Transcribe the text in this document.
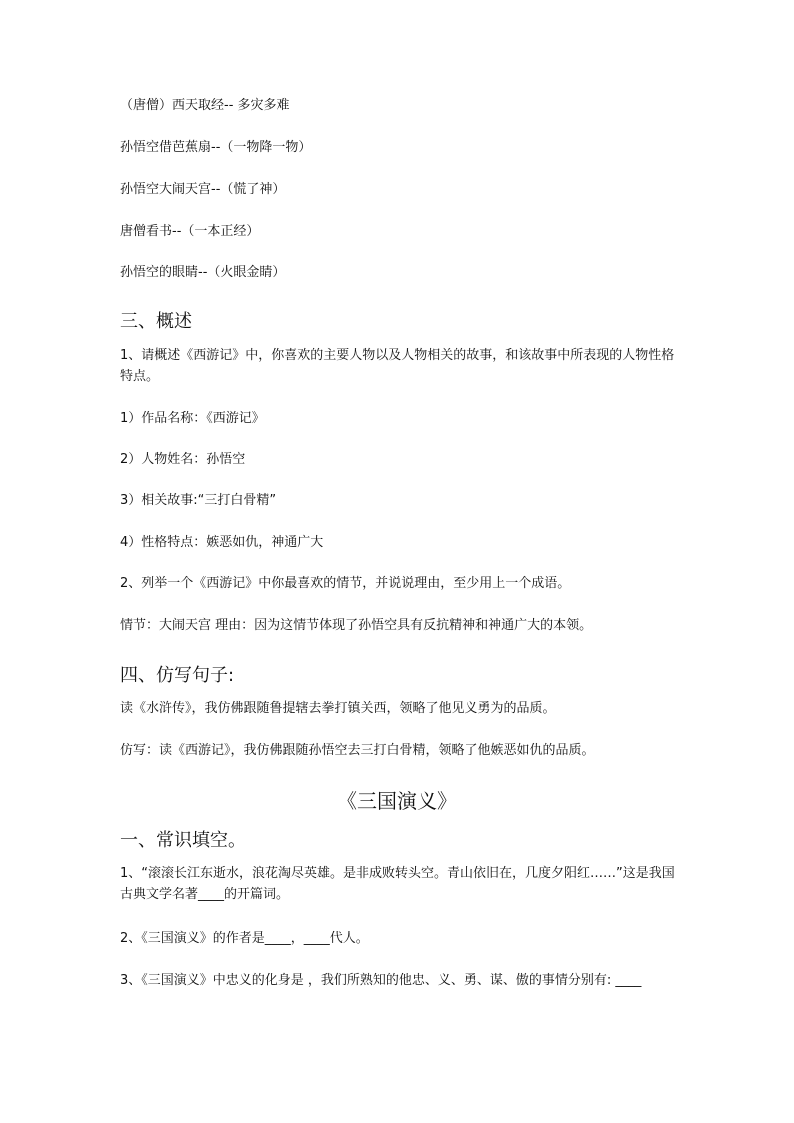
（唐僧）西天取经-- 多灾多难
孙悟空借芭蕉扇--（一物降一物）
孙悟空大闹天宫--（慌了神）
唐僧看书--（一本正经）
孙悟空的眼睛--（火眼金睛）
三、概述
1、请概述《西游记》中，你喜欢的主要人物以及人物相关的故事，和该故事中所表现的人物性格特点。
1）作品名称：《西游记》
2）人物姓名：孙悟空
3）相关故事:“三打白骨精”
4）性格特点：嫉恶如仇，神通广大
2、列举一个《西游记》中你最喜欢的情节，并说说理由，至少用上一个成语。
情节：大闹天宫 理由：因为这情节体现了孙悟空具有反抗精神和神通广大的本领。
四、仿写句子:
读《水浒传》，我仿佛跟随鲁提辖去拳打镇关西，领略了他见义勇为的品质。
仿写：读《西游记》，我仿佛跟随孙悟空去三打白骨精，领略了他嫉恶如仇的品质。
《三国演义》
一、常识填空。
1、“滚滚长江东逝水，浪花淘尽英雄。是非成败转头空。青山依旧在，几度夕阳红……”这是我国古典文学名著____的开篇词。
2、《三国演义》的作者是____，____代人。
3、《三国演义》中忠义的化身是 ，我们所熟知的他忠、义、勇、谋、傲的事情分别有: ____
